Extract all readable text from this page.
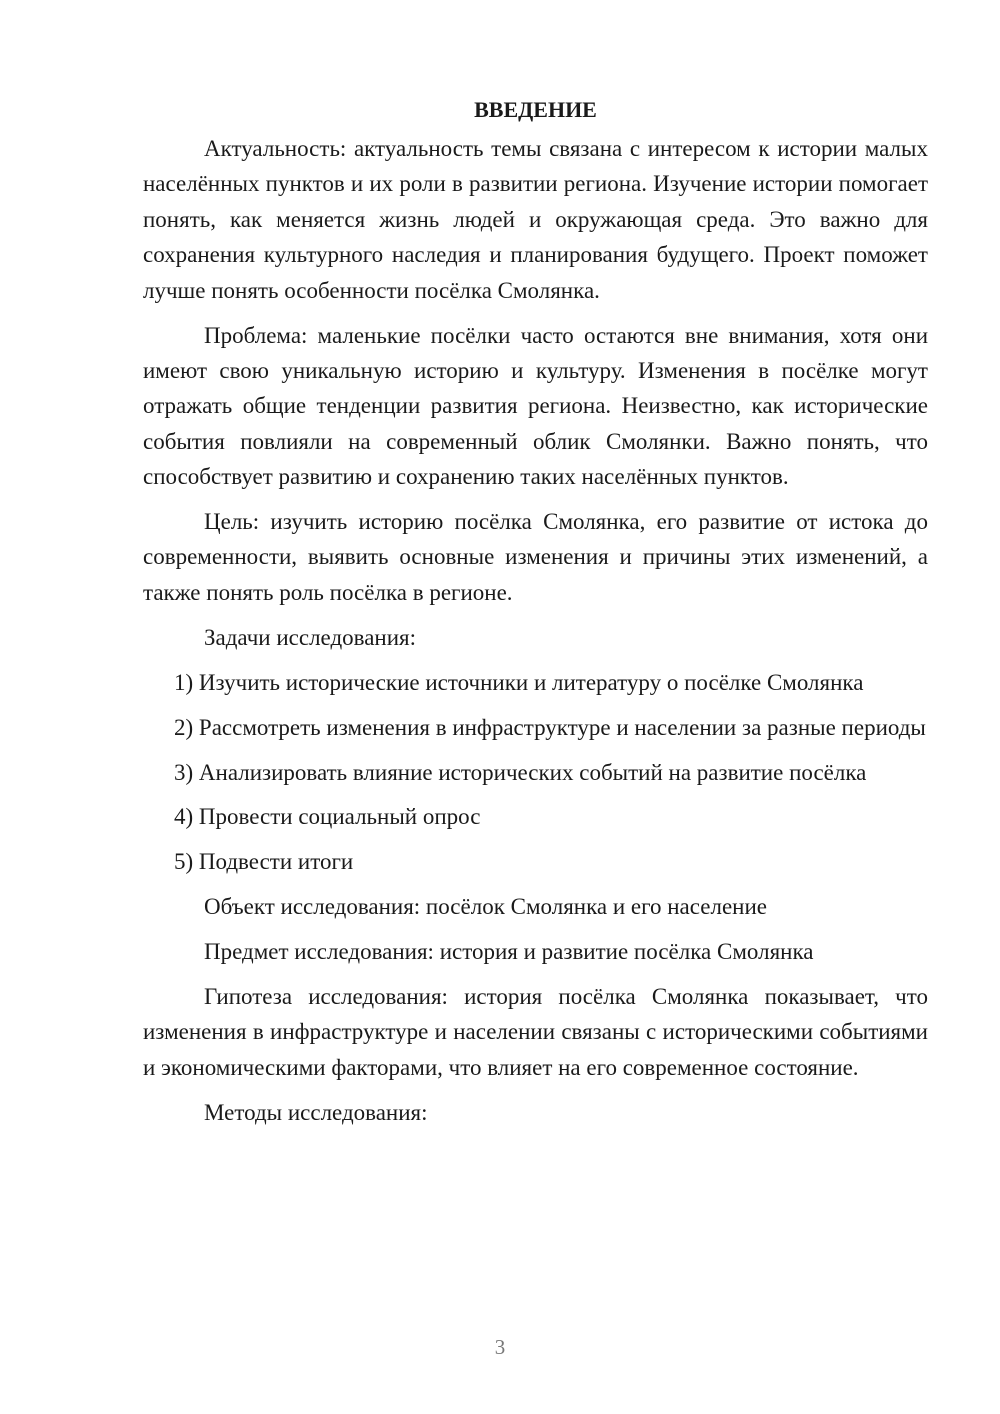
ВВЕДЕНИЕ

Актуальность: актуальность темы связана с интересом к истории малых населённых пунктов и их роли в развитии региона. Изучение истории помогает понять, как меняется жизнь людей и окружающая среда. Это важно для сохранения культурного наследия и планирования будущего. Проект поможет лучше понять особенности посёлка Смолянка.

Проблема: маленькие посёлки часто остаются вне внимания, хотя они имеют свою уникальную историю и культуру. Изменения в посёлке могут отражать общие тенденции развития региона. Неизвестно, как исторические события повлияли на современный облик Смолянки. Важно понять, что способствует развитию и сохранению таких населённых пунктов.

Цель: изучить историю посёлка Смолянка, его развитие от истока до современности, выявить основные изменения и причины этих изменений, а также понять роль посёлка в регионе.

Задачи исследования:

1) Изучить исторические источники и литературу о посёлке Смолянка

2) Рассмотреть изменения в инфраструктуре и населении за разные периоды

3) Анализировать влияние исторических событий на развитие посёлка

4) Провести социальный опрос

5) Подвести итоги

Объект исследования: посёлок Смолянка и его население

Предмет исследования: история и развитие посёлка Смолянка

Гипотеза исследования: история посёлка Смолянка показывает, что изменения в инфраструктуре и населении связаны с историческими событиями и экономическими факторами, что влияет на его современное состояние.

Методы исследования:

3
